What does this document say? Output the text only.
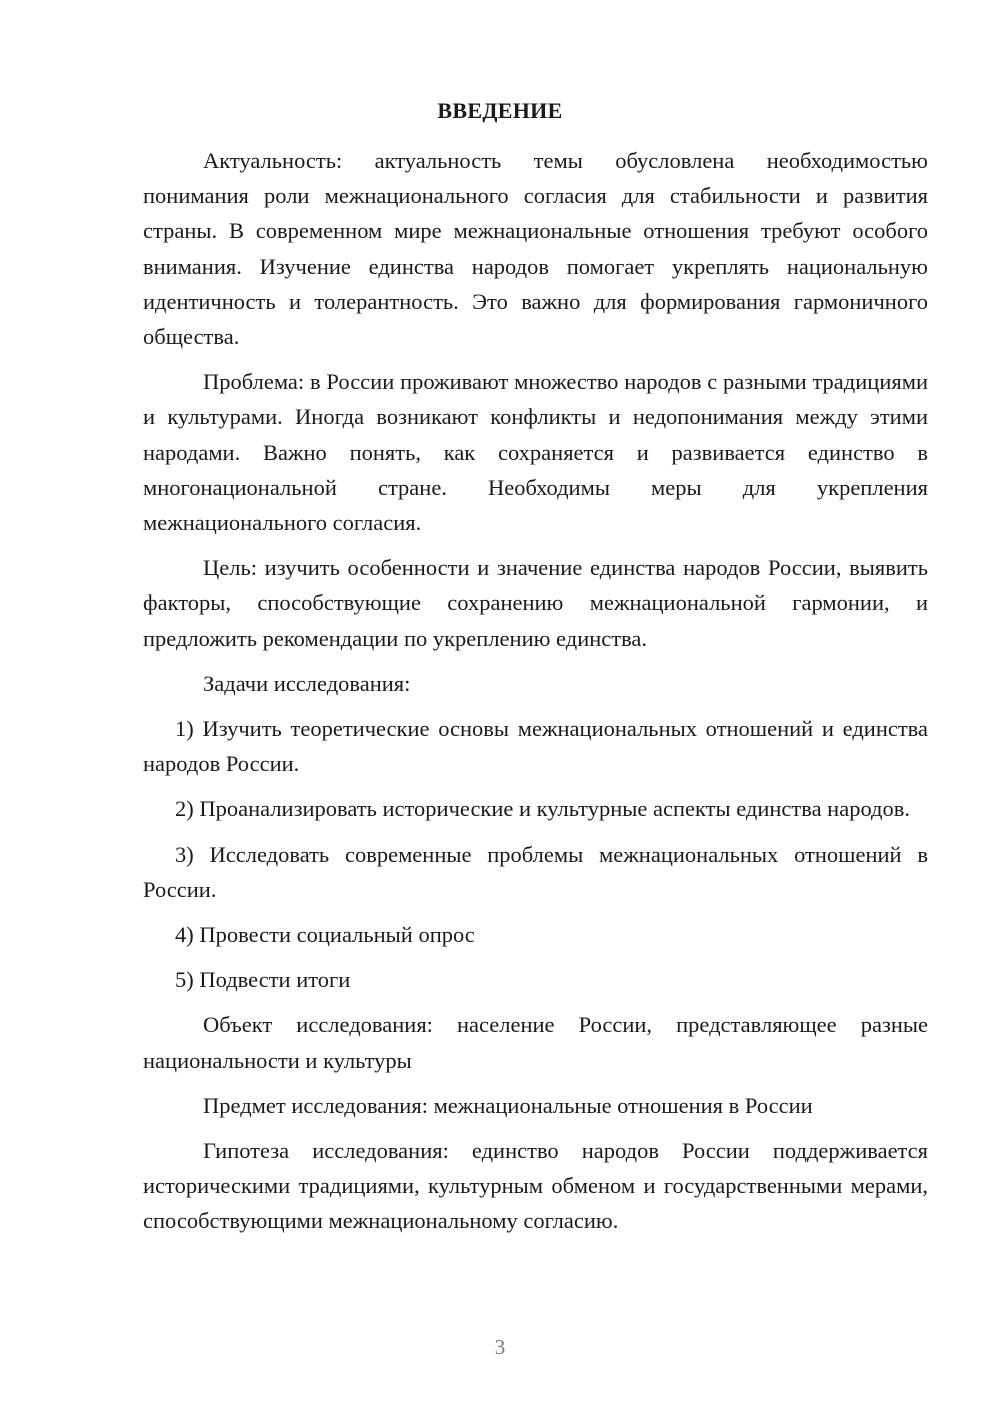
ВВЕДЕНИЕ

Актуальность: актуальность темы обусловлена необходимостью понимания роли межнационального согласия для стабильности и развития страны. В современном мире межнациональные отношения требуют особого внимания. Изучение единства народов помогает укреплять национальную идентичность и толерантность. Это важно для формирования гармоничного общества.

Проблема: в России проживают множество народов с разными традициями и культурами. Иногда возникают конфликты и недопонимания между этими народами. Важно понять, как сохраняется и развивается единство в многонациональной стране. Необходимы меры для укрепления межнационального согласия.

Цель: изучить особенности и значение единства народов России, выявить факторы, способствующие сохранению межнациональной гармонии, и предложить рекомендации по укреплению единства.

Задачи исследования:

1) Изучить теоретические основы межнациональных отношений и единства народов России.

2) Проанализировать исторические и культурные аспекты единства народов.

3) Исследовать современные проблемы межнациональных отношений в России.

4) Провести социальный опрос

5) Подвести итоги

Объект исследования: население России, представляющее разные национальности и культуры

Предмет исследования: межнациональные отношения в России

Гипотеза исследования: единство народов России поддерживается историческими традициями, культурным обменом и государственными мерами, способствующими межнациональному согласию.

3
